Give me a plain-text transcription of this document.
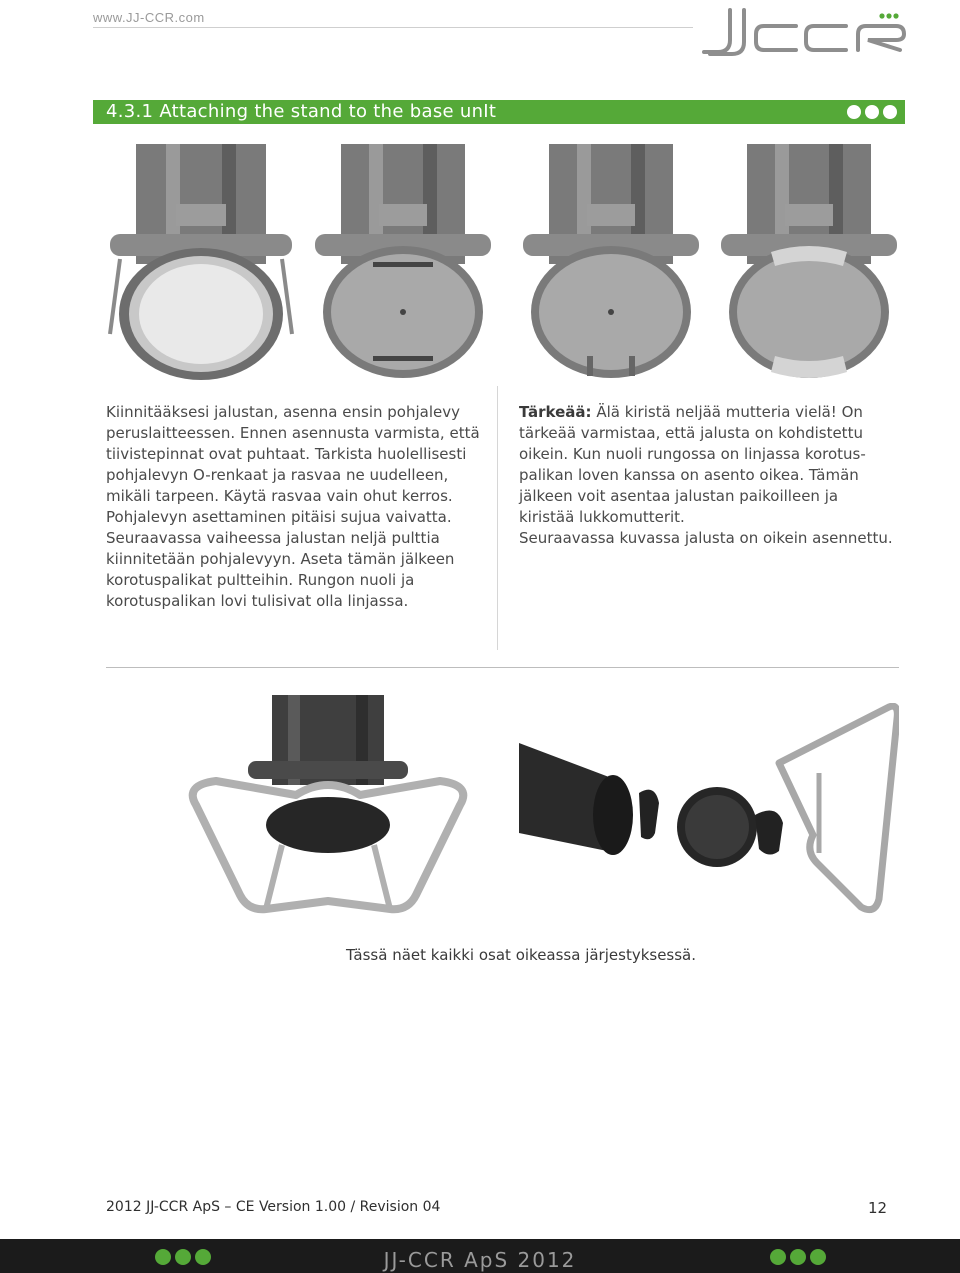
www.JJ-CCR.com
4.3.1 Attaching the stand to the base unIt

Kiinnitääksesi jalustan, asenna ensin pohjalevy

peruslaitteessen. Ennen asennusta varmista, että

tiivistepinnat ovat puhtaat. Tarkista huolellisesti

pohjalevyn O-renkaat ja rasvaa ne uudelleen,

mikäli tarpeen. Käytä rasvaa vain ohut kerros.

Pohjalevyn asettaminen pitäisi sujua vaivatta.

Seuraavassa vaiheessa jalustan neljä pulttia

kiinnitetään pohjalevyyn. Aseta tämän jälkeen

korotuspalikat pultteihin. Rungon nuoli ja

korotuspalikan lovi tulisivat olla linjassa.

Tärkeää: Älä kiristä neljää mutteria vielä! On

tärkeää varmistaa, että jalusta on kohdistettu

oikein. Kun nuoli rungossa on linjassa korotus-

palikan loven kanssa on asento oikea. Tämän

jälkeen voit asentaa jalustan paikoilleen ja

kiristää lukkomutterit.

Seuraavassa kuvassa jalusta on oikein asennettu.

Tässä näet kaikki osat oikeassa järjestyksessä.
2012 JJ-CCR ApS – CE Version 1.00 / Revision 04	12
JJ-CCR ApS 2012
